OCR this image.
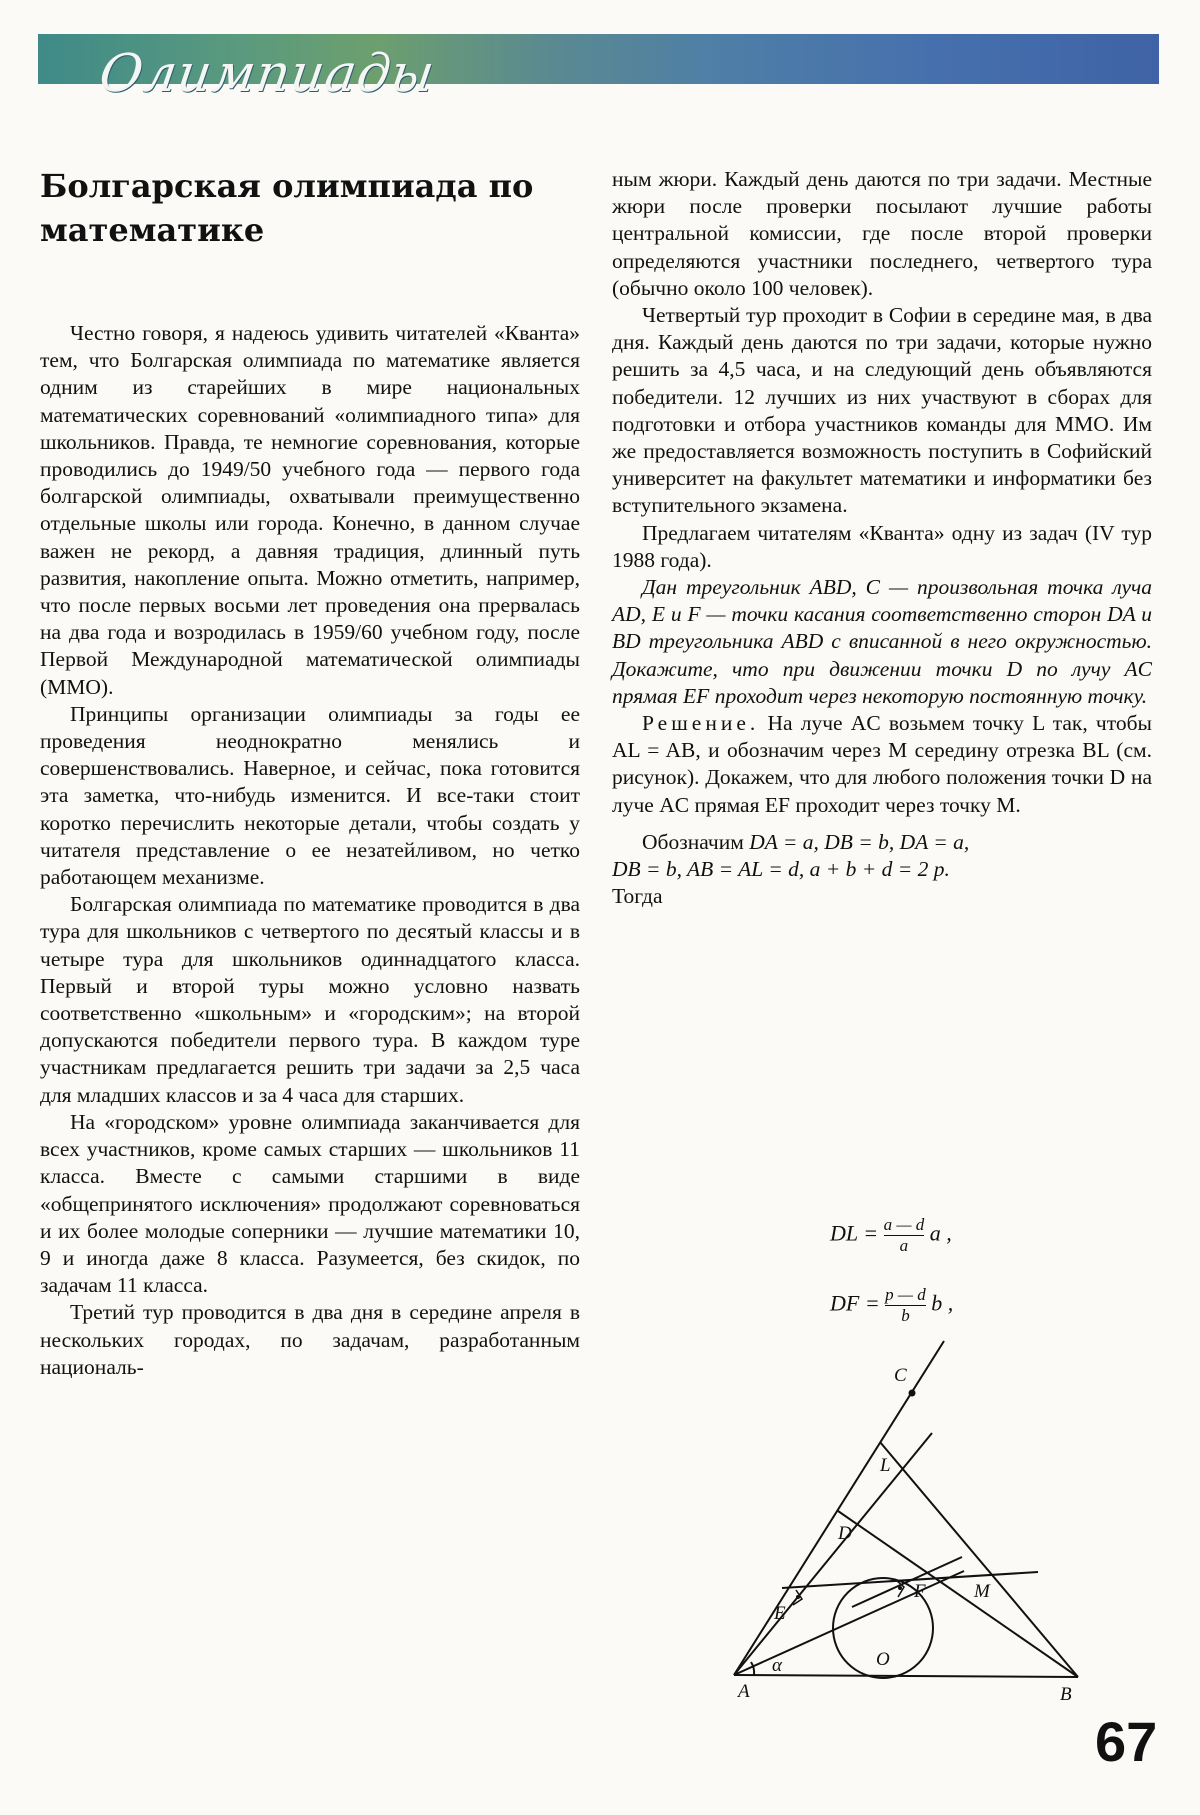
Олимпиады
Болгарская олимпиада по математике

Честно говоря, я надеюсь удивить читателей «Кванта» тем, что Болгарская олимпиада по математике является одним из старейших в мире национальных математических соревнований «олимпиадного типа» для школьников. Правда, те немногие соревнования, которые проводились до 1949/50 учебного года — первого года болгарской олимпиады, охватывали преимущественно отдельные школы или города. Конечно, в данном случае важен не рекорд, а давняя традиция, длинный путь развития, накопление опыта. Можно отметить, например, что после первых восьми лет проведения она прервалась на два года и возродилась в 1959/60 учебном году, после Первой Международной математической олимпиады (ММО).

Принципы организации олимпиады за годы ее проведения неоднократно менялись и совершенствовались. Наверное, и сейчас, пока готовится эта заметка, что-нибудь изменится. И все-таки стоит коротко перечислить некоторые детали, чтобы создать у читателя представление о ее незатейливом, но четко работающем механизме.

Болгарская олимпиада по математике проводится в два тура для школьников с четвертого по десятый классы и в четыре тура для школьников одиннадцатого класса. Первый и второй туры можно условно назвать соответственно «школьным» и «городским»; на второй допускаются победители первого тура. В каждом туре участникам предлагается решить три задачи за 2,5 часа для младших классов и за 4 часа для старших.

На «городском» уровне олимпиада заканчивается для всех участников, кроме самых старших — школьников 11 класса. Вместе с самыми старшими в виде «общепринятого исключения» продолжают соревноваться и их более молодые соперники — лучшие математики 10, 9 и иногда даже 8 класса. Разумеется, без скидок, по задачам 11 класса.

Третий тур проводится в два дня в середине апреля в нескольких городах, по задачам, разработанным националь-

ным жюри. Каждый день даются по три задачи. Местные жюри после проверки посылают лучшие работы центральной комиссии, где после второй проверки определяются участники последнего, четвертого тура (обычно около 100 человек).

Четвертый тур проходит в Софии в середине мая, в два дня. Каждый день даются по три задачи, которые нужно решить за 4,5 часа, и на следующий день объявляются победители. 12 лучших из них участвуют в сборах для подготовки и отбора участников команды для ММО. Им же предоставляется возможность поступить в Софийский университет на факультет математики и информатики без вступительного экзамена.

Предлагаем читателям «Кванта» одну из задач (IV тур 1988 года).

Дан треугольник ABD, C — произвольная точка луча AD, E и F — точки касания соответственно сторон DA и BD треугольника ABD с вписанной в него окружностью. Докажите, что при движении точки D по лучу AC прямая EF проходит через некоторую постоянную точку.

Решение. На луче AC возьмем точку L так, чтобы AL = AB, и обозначим через M середину отрезка BL (см. рисунок). Докажем, что для любого положения точки D на луче AC прямая EF проходит через точку M.

Обозначим DA = a, DB = b, DA = a,

DB = b, AB = AL = d, a + b + d = 2 p.

Тогда

DL = $\frac{a — d}{a}$ a ,
DF = $\frac{p — d}{b}$ b ,
C
L
D
E
F	M
O
A	B
α
67
